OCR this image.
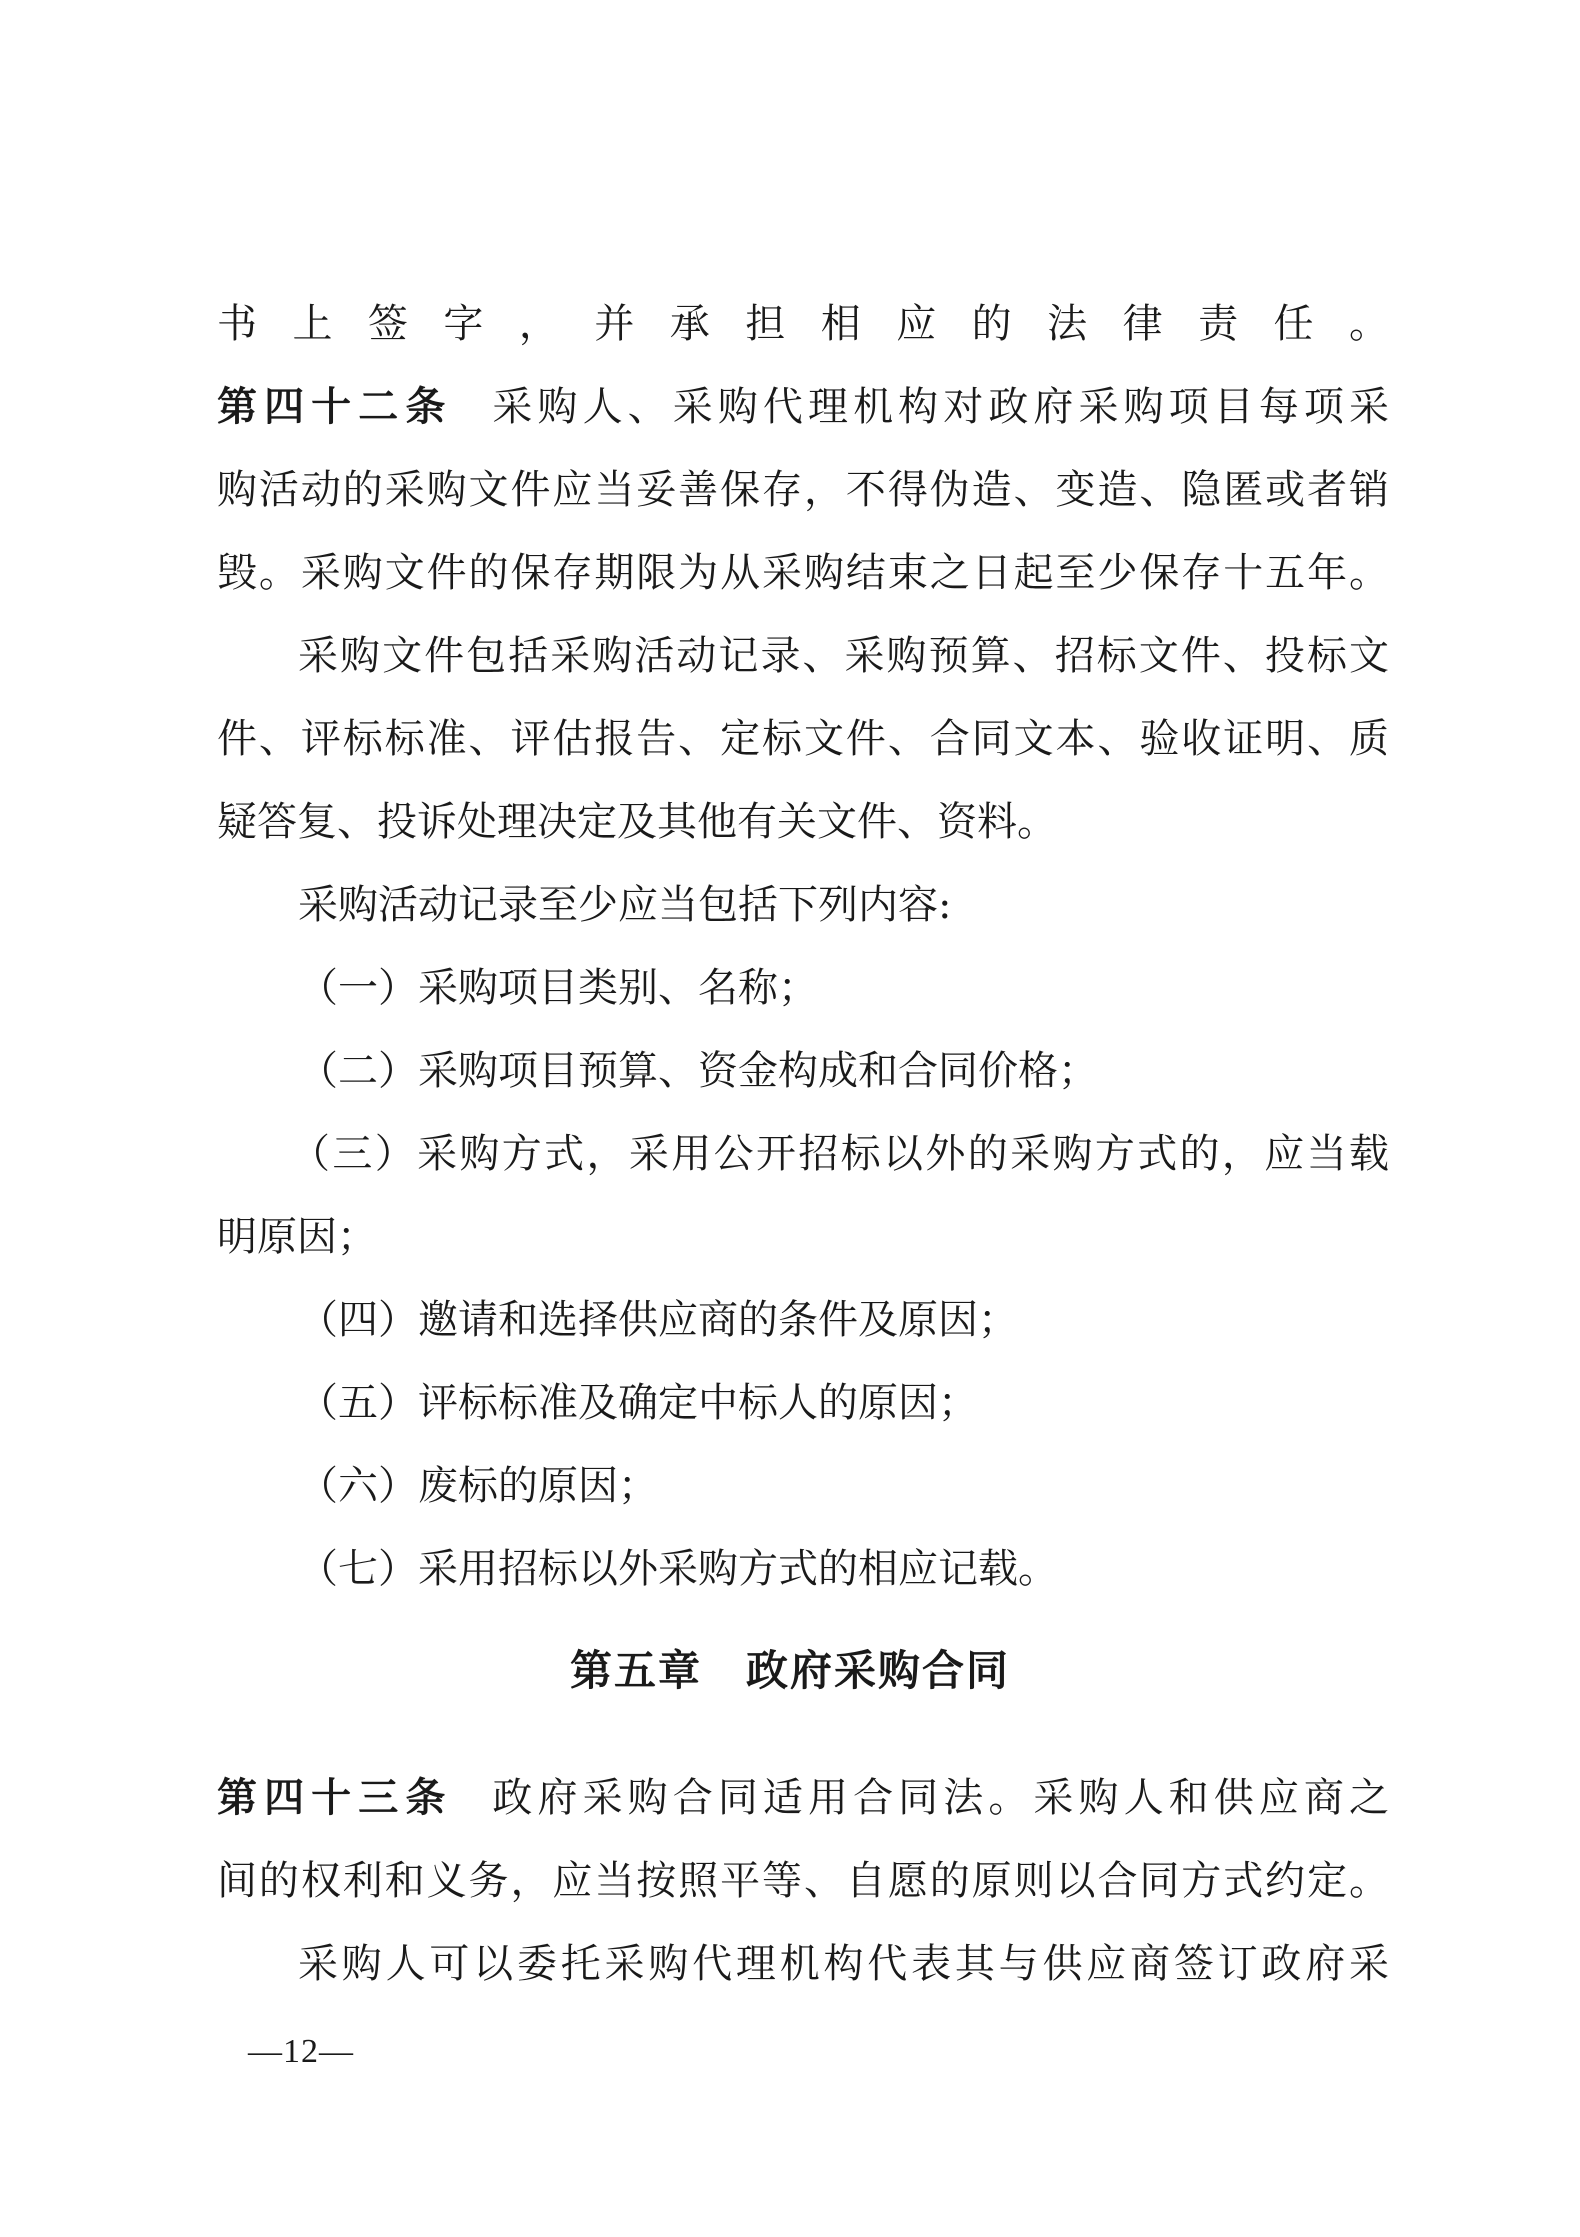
书上签字，并承担相应的法律责任。
第四十二条 采购人、采购代理机构对政府采购项目每项采
购活动的采购文件应当妥善保存，不得伪造、变造、隐匿或者销
毁。采购文件的保存期限为从采购结束之日起至少保存十五年。
采购文件包括采购活动记录、采购预算、招标文件、投标文
件、评标标准、评估报告、定标文件、合同文本、验收证明、质
疑答复、投诉处理决定及其他有关文件、资料。
采购活动记录至少应当包括下列内容:
（一）采购项目类别、名称；
（二）采购项目预算、资金构成和合同价格；
（三）采购方式，采用公开招标以外的采购方式的，应当载
明原因；
（四）邀请和选择供应商的条件及原因；
（五）评标标准及确定中标人的原因；
（六）废标的原因；
（七）采用招标以外采购方式的相应记载。
第五章 政府采购合同
第四十三条 政府采购合同适用合同法。采购人和供应商之
间的权利和义务，应当按照平等、自愿的原则以合同方式约定。
采购人可以委托采购代理机构代表其与供应商签订政府采
—12—
